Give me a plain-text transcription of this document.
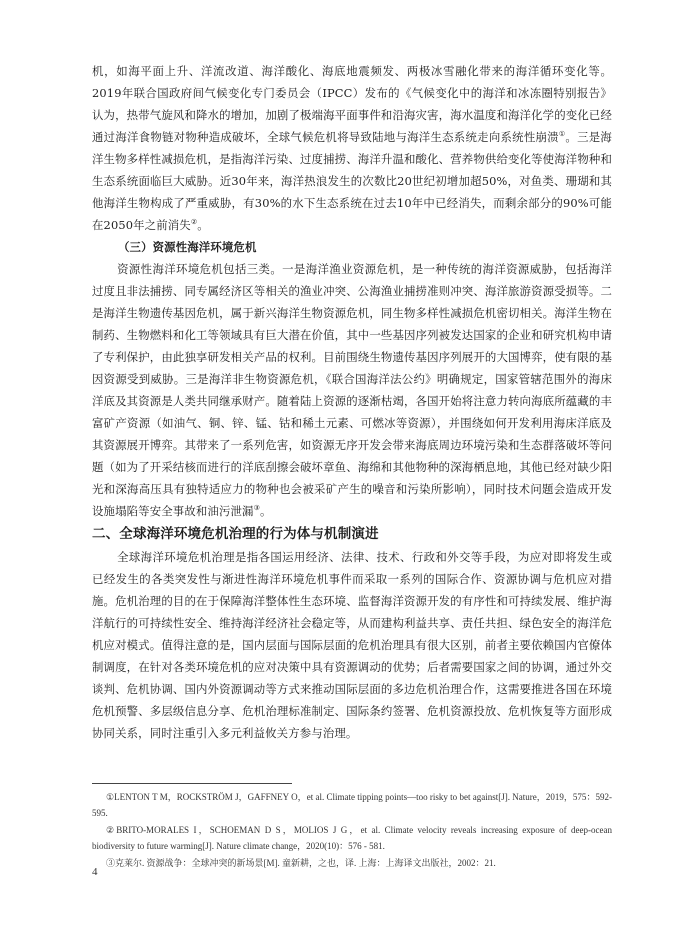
机，如海平面上升、洋流改道、海洋酸化、海底地震频发、两极冰雪融化带来的海洋循环变化等。2019年联合国政府间气候变化专门委员会（IPCC）发布的《气候变化中的海洋和冰冻圈特别报告》认为，热带气旋风和降水的增加，加剧了极端海平面事件和沿海灾害，海水温度和海洋化学的变化已经通过海洋食物链对物种造成破坏，全球气候危机将导致陆地与海洋生态系统走向系统性崩溃①。三是海洋生物多样性减损危机，是指海洋污染、过度捕捞、海洋升温和酸化、营养物供给变化等使海洋物种和生态系统面临巨大威胁。近30年来，海洋热浪发生的次数比20世纪初增加超50%，对鱼类、珊瑚和其他海洋生物构成了严重威胁，有30%的水下生态系统在过去10年中已经消失，而剩余部分的90%可能在2050年之前消失②。

（三）资源性海洋环境危机

资源性海洋环境危机包括三类。一是海洋渔业资源危机，是一种传统的海洋资源威胁，包括海洋过度且非法捕捞、同专属经济区等相关的渔业冲突、公海渔业捕捞准则冲突、海洋旅游资源受损等。二是海洋生物遗传基因危机，属于新兴海洋生物资源危机，同生物多样性减损危机密切相关。海洋生物在制药、生物燃料和化工等领域具有巨大潜在价值，其中一些基因序列被发达国家的企业和研究机构申请了专利保护，由此独享研发相关产品的权利。目前围绕生物遗传基因序列展开的大国博弈，使有限的基因资源受到威胁。三是海洋非生物资源危机，《联合国海洋法公约》明确规定，国家管辖范围外的海床洋底及其资源是人类共同继承财产。随着陆上资源的逐渐枯竭，各国开始将注意力转向海底所蕴藏的丰富矿产资源（如油气、铜、锌、锰、钴和稀土元素、可燃冰等资源），并围绕如何开发利用海床洋底及其资源展开博弈。其带来了一系列危害，如资源无序开发会带来海底周边环境污染和生态群落破坏等问题（如为了开采结核而进行的洋底刮擦会破坏章鱼、海绵和其他物种的深海栖息地，其他已经对缺少阳光和深海高压具有独特适应力的物种也会被采矿产生的噪音和污染所影响），同时技术问题会造成开发设施塌陷等安全事故和油污泄漏③。

二、全球海洋环境危机治理的行为体与机制演进

全球海洋环境危机治理是指各国运用经济、法律、技术、行政和外交等手段，为应对即将发生或已经发生的各类突发性与渐进性海洋环境危机事件而采取一系列的国际合作、资源协调与危机应对措施。危机治理的目的在于保障海洋整体性生态环境、监督海洋资源开发的有序性和可持续发展、维护海洋航行的可持续性安全、维持海洋经济社会稳定等，从而建构利益共享、责任共担、绿色安全的海洋危机应对模式。值得注意的是，国内层面与国际层面的危机治理具有很大区别，前者主要依赖国内官僚体制调度，在针对各类环境危机的应对决策中具有资源调动的优势；后者需要国家之间的协调，通过外交谈判、危机协调、国内外资源调动等方式来推动国际层面的多边危机治理合作，这需要推进各国在环境危机预警、多层级信息分享、危机治理标准制定、国际条约签署、危机资源投放、危机恢复等方面形成协同关系，同时注重引入多元利益攸关方参与治理。

①LENTON T M，ROCKSTRÖM J，GAFFNEY O，et al. Climate tipping points—too risky to bet against[J]. Nature，2019，575：592-595.

②BRITO-MORALES I，SCHOEMAN D S，MOLIOS J G，et al. Climate velocity reveals increasing exposure of deep-ocean biodiversity to future warming[J]. Nature climate change，2020(10)：576 - 581.

③克莱尔. 资源战争：全球冲突的新场景[M]. 童新耕，之也，译. 上海：上海译文出版社，2002：21.

4
